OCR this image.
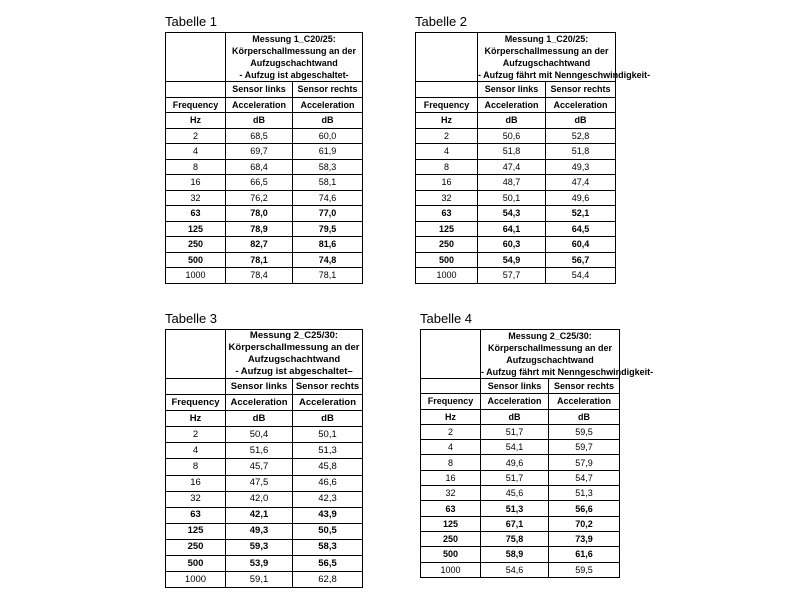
Tabelle 1

	Messung 1_C20/25:
Körperschallmessung an der
Aufzugschachtwand
- Aufzug ist abgeschaltet-	

	Sensor links	Sensor rechts
Frequency	Acceleration	Acceleration
Hz	dB	dB
2	68,5	60,0
4	69,7	61,9
8	68,4	58,3
16	66,5	58,1
32	76,2	74,6
63	78,0	77,0
125	78,9	79,5
250	82,7	81,6
500	78,1	74,8
1000	78,4	78,1
Tabelle 2

	Messung 1_C20/25:
Körperschallmessung an der
Aufzugschachtwand
- Aufzug fährt mit Nenngeschwindigkeit-	

	Sensor links	Sensor rechts
Frequency	Acceleration	Acceleration
Hz	dB	dB
2	50,6	52,8
4	51,8	51,8
8	47,4	49,3
16	48,7	47,4
32	50,1	49,6
63	54,3	52,1
125	64,1	64,5
250	60,3	60,4
500	54,9	56,7
1000	57,7	54,4
Tabelle 3

	Messung 2_C25/30:
Körperschallmessung an der
Aufzugschachtwand
- Aufzug ist abgeschaltet–	

	Sensor links	Sensor rechts
Frequency	Acceleration	Acceleration
Hz	dB	dB
2	50,4	50,1
4	51,6	51,3
8	45,7	45,8
16	47,5	46,6
32	42,0	42,3
63	42,1	43,9
125	49,3	50,5
250	59,3	58,3
500	53,9	56,5
1000	59,1	62,8
Tabelle 4

	Messung 2_C25/30:
Körperschallmessung an der
Aufzugschachtwand
- Aufzug fährt mit Nenngeschwindigkeit-	

	Sensor links	Sensor rechts
Frequency	Acceleration	Acceleration
Hz	dB	dB
2	51,7	59,5
4	54,1	59,7
8	49,6	57,9
16	51,7	54,7
32	45,6	51,3
63	51,3	56,6
125	67,1	70,2
250	75,8	73,9
500	58,9	61,6
1000	54,6	59,5
